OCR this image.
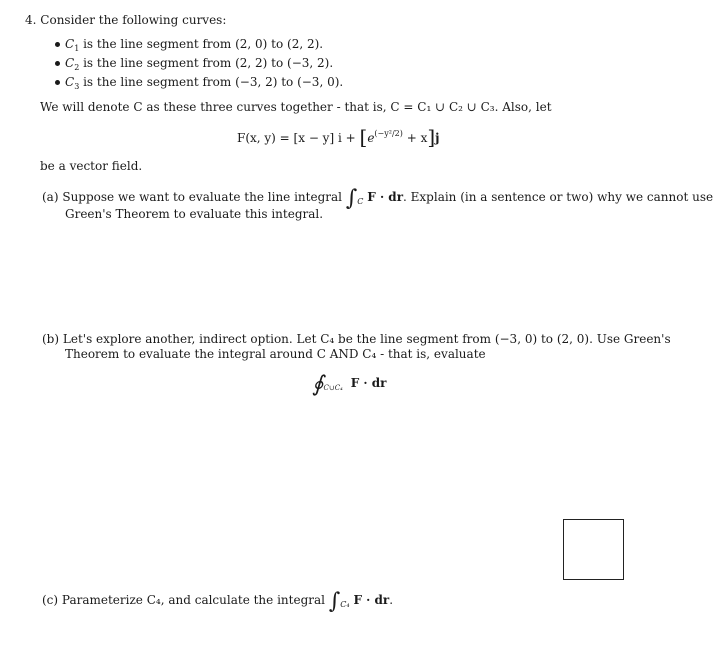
4. Consider the following curves:
$C_1$ is the line segment from (2, 0) to (2, 2).
$C_2$ is the line segment from (2, 2) to (−3, 2).
$C_3$ is the line segment from (−3, 2) to (−3, 0).
We will denote C as these three curves together - that is, C = C₁ ∪ C₂ ∪ C₃. Also, let
F(x, y) = [x − y] $i + [e^{(-y^2/2)} + x]j$
be a vector field.
(a) Suppose we want to evaluate the line integral $\int_C$ F · dr. Explain (in a sentence or two) why we cannot use
Green's Theorem to evaluate this integral.
(b) Let's explore another, indirect option. Let C₄ be the line segment from (−3, 0) to (2, 0). Use Green's
Theorem to evaluate the integral around C AND C₄ - that is, evaluate
$∮_{C\cup C_4}$ F · dr
(c) Parameterize C₄, and calculate the integral $\int_{C_4}$ F · dr.
